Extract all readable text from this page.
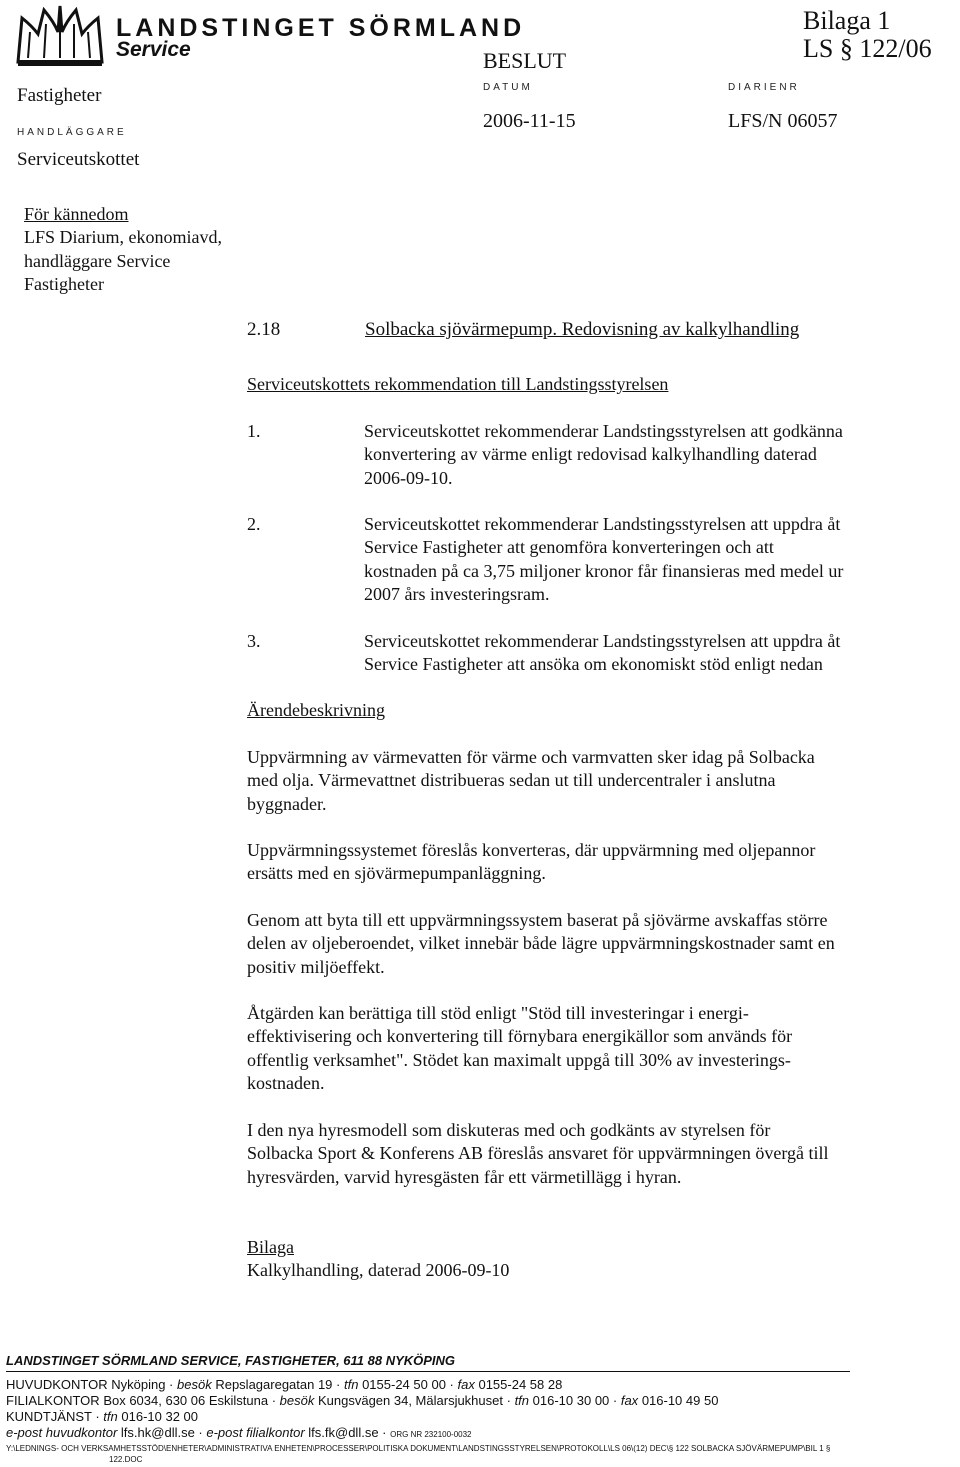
LANDSTINGET SÖRMLAND
Service	BESLUT
DATUM	DIARIENR
2006-11-15	LFS/N 06057
Bilaga 1
LS § 122/06
Fastigheter
HANDLÄGGARE
Serviceutskottet
För kännedom
LFS Diarium, ekonomiavd,
handläggare Service
Fastigheter
2.18	Solbacka sjövärmepump. Redovisning av kalkylhandling
Serviceutskottets rekommendation till Landstingsstyrelsen
1.	Serviceutskottet rekommenderar Landstingsstyrelsen att godkänna
konvertering av värme enligt redovisad kalkylhandling daterad
2006-09-10.
2.	Serviceutskottet rekommenderar Landstingsstyrelsen att uppdra åt
Service Fastigheter att genomföra konverteringen och att
kostnaden på ca 3,75 miljoner kronor får finansieras med medel ur
2007 års investeringsram.
3.	Serviceutskottet rekommenderar Landstingsstyrelsen att uppdra åt
Service Fastigheter att ansöka om ekonomiskt stöd enligt nedan
Ärendebeskrivning
Uppvärmning av värmevatten för värme och varmvatten sker idag på Solbacka
med olja. Värmevattnet distribueras sedan ut till undercentraler i anslutna
byggnader.
Uppvärmningssystemet föreslås konverteras, där uppvärmning med oljepannor
ersätts med en sjövärmepumpanläggning.
Genom att byta till ett uppvärmningssystem baserat på sjövärme avskaffas större
delen av oljeberoendet, vilket innebär både lägre uppvärmningskostnader samt en
positiv miljöeffekt.
Åtgärden kan berättiga till stöd enligt "Stöd till investeringar i energi-
effektivisering och konvertering till förnybara energikällor som används för
offentlig verksamhet". Stödet kan maximalt uppgå till 30% av investerings-
kostnaden.
I den nya hyresmodell som diskuteras med och godkänts av styrelsen för
Solbacka Sport & Konferens AB föreslås ansvaret för uppvärmningen övergå till
hyresvärden, varvid hyresgästen får ett värmetillägg i hyran.
Bilaga
Kalkylhandling, daterad 2006-09-10
LANDSTINGET SÖRMLAND SERVICE, FASTIGHETER, 611 88 NYKÖPING
HUVUDKONTOR Nyköping · besök Repslagaregatan 19 · tfn 0155-24 50 00 · fax 0155-24 58 28
FILIALKONTOR Box 6034, 630 06 Eskilstuna · besök Kungsvägen 34, Mälarsjukhuset · tfn 016-10 30 00 · fax 016-10 49 50
KUNDTJÄNST · tfn 016-10 32 00
e-post huvudkontor lfs.hk@dll.se · e-post filialkontor lfs.fk@dll.se · ORG NR 232100-0032
Y:\LEDNINGS- OCH VERKSAMHETSSTÖD\ENHETER\ADMINISTRATIVA ENHETEN\PROCESSER\POLITISKA DOKUMENT\LANDSTINGSSTYRELSEN\PROTOKOLL\LS 06\(12) DEC\§ 122 SOLBACKA SJÖVÄRMEPUMP\BIL 1 §
122.DOC
